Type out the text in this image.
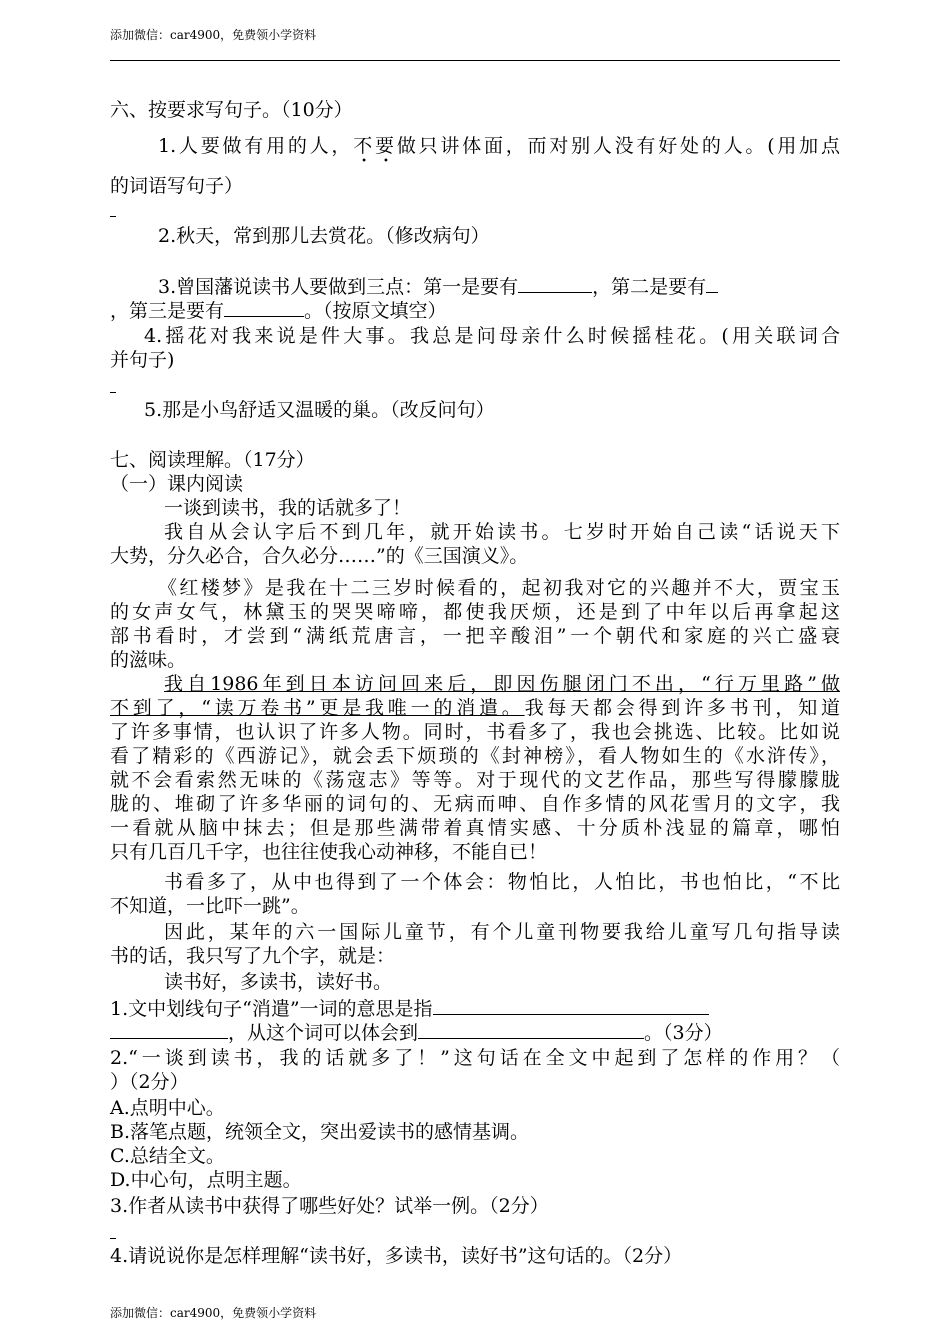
添加微信：car4900，免费领小学资料
六、按要求写句子。（10分）
1.人要做有用的人，不要做只讲体面，而对别人没有好处的人。(用加点
的词语写句子）
2.秋天，常到那儿去赏花。（修改病句）
3.曾国藩说读书人要做到三点：第一是要有	，第二是要有
，第三是要有	。（按原文填空）
4.摇花对我来说是件大事。我总是问母亲什么时候摇桂花。(用关联词合
并句子)
5.那是小鸟舒适又温暖的巢。（改反问句）
七、阅读理解。（17分）
（一）课内阅读
一谈到读书，我的话就多了！
我自从会认字后不到几年，就开始读书。七岁时开始自己读“话说天下
大势，分久必合，合久必分……”的《三国演义》。
《红楼梦》是我在十二三岁时候看的，起初我对它的兴趣并不大，贾宝玉
的女声女气，林黛玉的哭哭啼啼，都使我厌烦，还是到了中年以后再拿起这
部书看时，才尝到“满纸荒唐言，一把辛酸泪”一个朝代和家庭的兴亡盛衰
的滋味。
我自1986年到日本访问回来后，即因伤腿闭门不出，“行万里路”做
不到了，“读万卷书”更是我唯一的消遣。我每天都会得到许多书刊，知道
了许多事情，也认识了许多人物。同时，书看多了，我也会挑选、比较。比如说
看了精彩的《西游记》，就会丢下烦琐的《封神榜》，看人物如生的《水浒传》，
就不会看索然无味的《荡寇志》等等。对于现代的文艺作品，那些写得朦朦胧
胧的、堆砌了许多华丽的词句的、无病而呻、自作多情的风花雪月的文字，我
一看就从脑中抹去；但是那些满带着真情实感、十分质朴浅显的篇章，哪怕
只有几百几千字，也往往使我心动神移，不能自已！
书看多了，从中也得到了一个体会：物怕比，人怕比，书也怕比，“不比
不知道，一比吓一跳”。
因此，某年的六一国际儿童节，有个儿童刊物要我给儿童写几句指导读
书的话，我只写了九个字，就是：
读书好，多读书，读好书。
1.文中划线句子“消遣”一词的意思是指
，从这个词可以体会到	。（3分）
2.“一谈到读书，我的话就多了！”这句话在全文中起到了怎样的作用？（
）（2分）
A.点明中心。
B.落笔点题，统领全文，突出爱读书的感情基调。
C.总结全文。
D.中心句，点明主题。
3.作者从读书中获得了哪些好处？试举一例。（2分）
4.请说说你是怎样理解“读书好，多读书，读好书”这句话的。（2分）
添加微信：car4900，免费领小学资料
